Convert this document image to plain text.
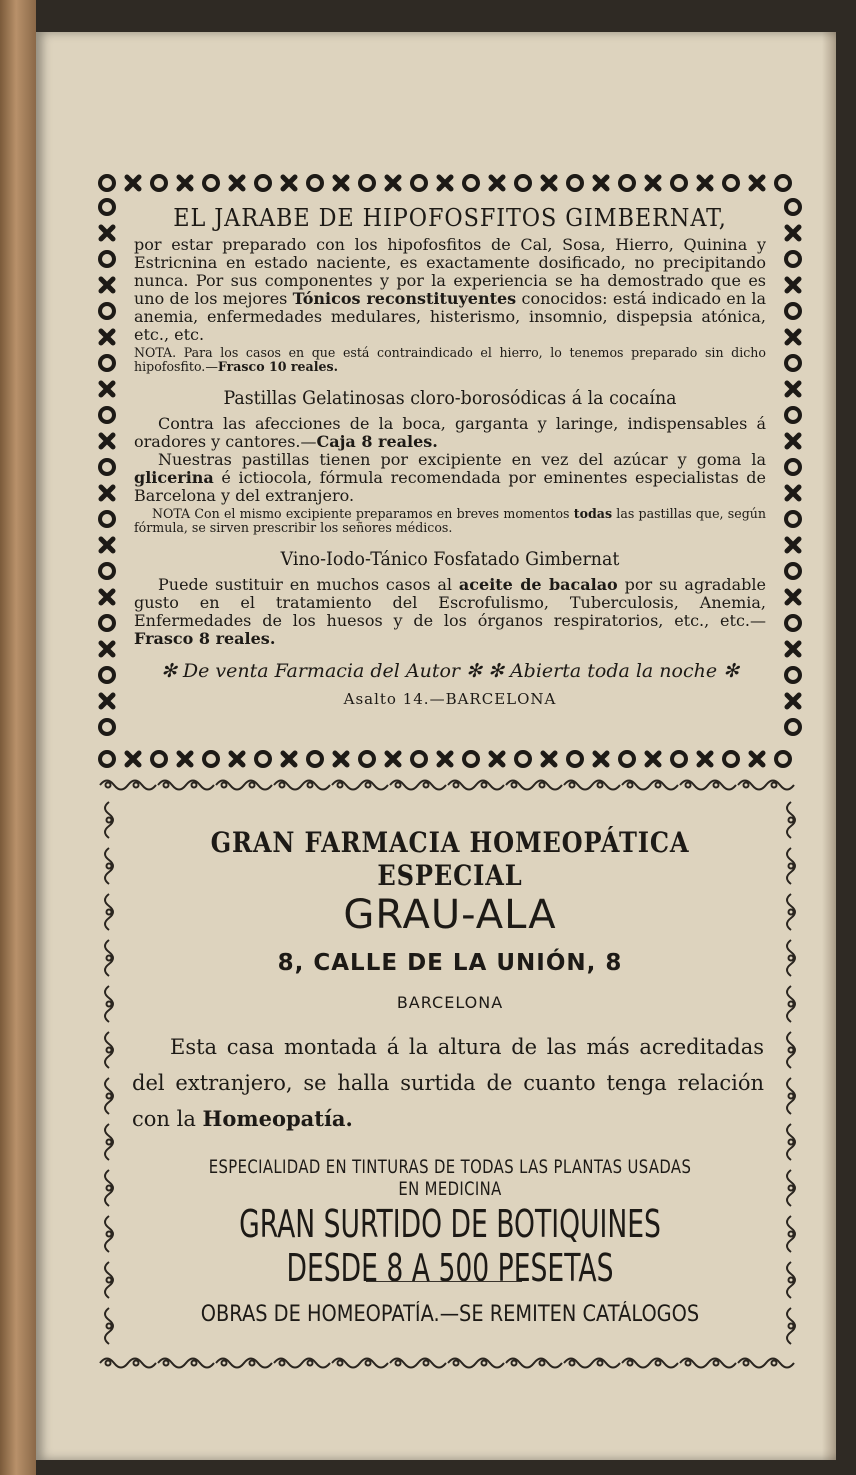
EL JARABE DE HIPOFOSFITOS GIMBERNAT,

por estar preparado con los hipofosfitos de Cal, Sosa, Hierro, Quinina y Estricnina en estado naciente, es exactamente dosificado, no precipitando nunca. Por sus componentes y por la experiencia se ha demostrado que es uno de los mejores Tónicos reconstituyentes conocidos: está indicado en la anemia, enfermedades medulares, histerismo, insomnio, dispepsia atónica, etc., etc.

NOTA. Para los casos en que está contraindicado el hierro, lo tenemos preparado sin dicho hipofosfito.—Frasco 10 reales.

Pastillas Gelatinosas cloro-borosódicas á la cocaína

Contra las afecciones de la boca, garganta y laringe, indispensables á oradores y cantores.—Caja 8 reales.

Nuestras pastillas tienen por excipiente en vez del azúcar y goma la glicerina é ictiocola, fórmula recomendada por eminentes especialistas de Barcelona y del extranjero.

NOTA Con el mismo excipiente preparamos en breves momentos todas las pastillas que, según fórmula, se sirven prescribir los señores médicos.

Vino-Iodo-Tánico Fosfatado Gimbernat

Puede sustituir en muchos casos al aceite de bacalao por su agradable gusto en el tratamiento del Escrofulismo, Tuberculosis, Anemia, Enfermedades de los huesos y de los órganos respiratorios, etc., etc.—Frasco 8 reales.

✻ De venta Farmacia del Autor ✻ ✻ Abierta toda la noche ✻
Asalto 14.—BARCELONA
GRAN FARMACIA HOMEOPÁTICA ESPECIAL
GRAU-ALA
8, CALLE DE LA UNIÓN, 8
BARCELONA

Esta casa montada á la altura de las más acreditadas del extranjero, se halla surtida de cuanto tenga relación con la Homeopatía.

ESPECIALIDAD EN TINTURAS DE TODAS LAS PLANTAS USADAS EN MEDICINA
GRAN SURTIDO DE BOTIQUINES DESDE 8 A 500 PESETAS
OBRAS DE HOMEOPATÍA.—SE REMITEN CATÁLOGOS
